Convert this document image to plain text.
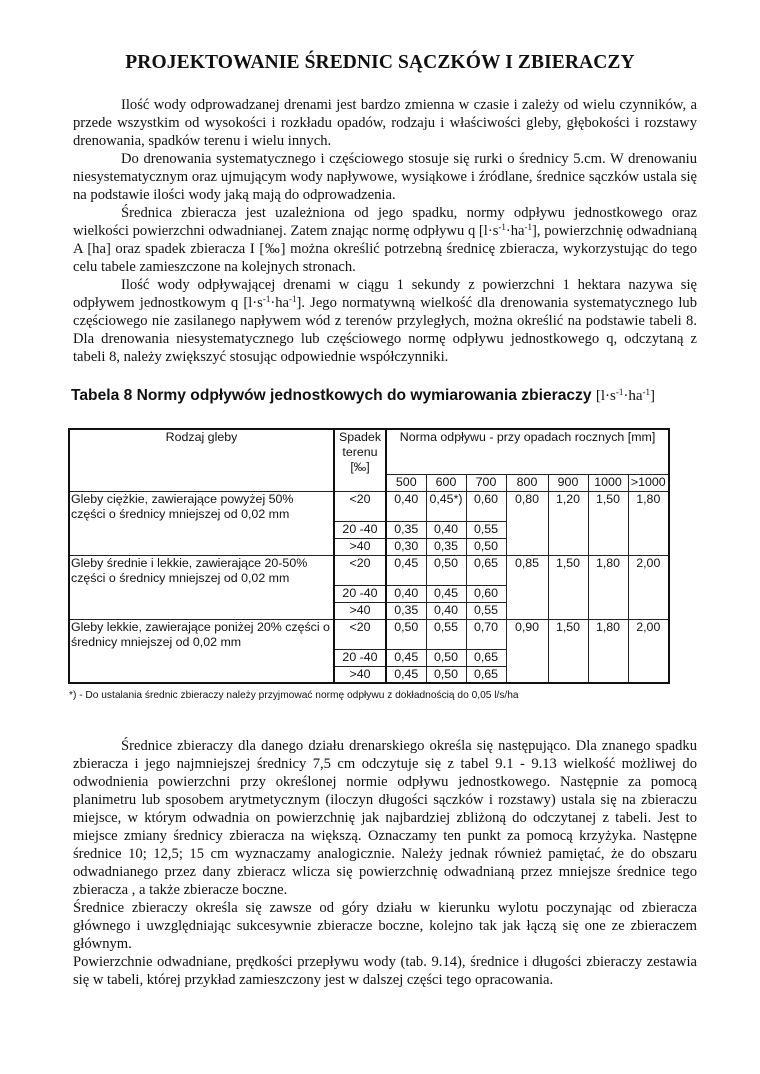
PROJEKTOWANIE ŚREDNIC SĄCZKÓW I ZBIERACZY

Ilość wody odprowadzanej drenami jest bardzo zmienna w czasie i zależy od wielu czynników, a przede wszystkim od wysokości i rozkładu opadów, rodzaju i właściwości gleby, głębokości i rozstawy drenowania, spadków terenu i wielu innych.

Do drenowania systematycznego i częściowego stosuje się rurki o średnicy 5.cm. W drenowaniu niesystematycznym oraz ujmującym wody napływowe, wysiąkowe i źródlane, średnice sączków ustala się na podstawie ilości wody jaką mają do odprowadzenia.

Średnica zbieracza jest uzależniona od jego spadku, normy odpływu jednostkowego oraz wielkości powierzchni odwadnianej. Zatem znając normę odpływu q $[l\cdot s^{-1}\cdot ha^{-1}]$, powierzchnię odwadnianą A [ha] oraz spadek zbieracza I [‰] można określić potrzebną średnicę zbieracza, wykorzystując do tego celu tabele zamieszczone na kolejnych stronach.

Ilość wody odpływającej drenami w ciągu 1 sekundy z powierzchni 1 hektara nazywa się odpływem jednostkowym q $[l\cdot s^{-1}\cdot ha^{-1}]$. Jego normatywną wielkość dla drenowania systematycznego lub częściowego nie zasilanego napływem wód z terenów przyległych, można określić na podstawie tabeli 8. Dla drenowania niesystematycznego lub częściowego normę odpływu jednostkowego q, odczytaną z tabeli 8, należy zwiększyć stosując odpowiednie współczynniki.

Tabela 8 Normy odpływów jednostkowych do wymiarowania zbieraczy $[l\cdot s^{-1}\cdot ha^{-1}]$
Rodzaj gleby	Spadek terenu [‰]	Norma odpływu - przy opadach rocznych [mm]						
		500	600	700	800	900	1000	>1000
Gleby ciężkie, zawierające powyżej 50% części o średnicy mniejszej od 0,02 mm	<20	0,40	0,45*)	0,60	0,80	1,20	1,50	1,80
	20 -40	0,35	0,40	0,55				
	>40	0,30	0,35	0,50				
Gleby średnie i lekkie, zawierające 20-50% części o średnicy mniejszej od 0,02 mm	<20	0,45	0,50	0,65	0,85	1,50	1,80	2,00
	20 -40	0,40	0,45	0,60				
	>40	0,35	0,40	0,55				
Gleby lekkie, zawierające poniżej 20% części o średnicy mniejszej od 0,02 mm	<20	0,50	0,55	0,70	0,90	1,50	1,80	2,00
	20 -40	0,45	0,50	0,65				
	>40	0,45	0,50	0,65				
*) - Do ustalania średnic zbieraczy należy przyjmować normę odpływu z dokładnością do 0,05 l/s/ha

Średnice zbieraczy dla danego działu drenarskiego określa się następująco. Dla znanego spadku zbieracza i jego najmniejszej średnicy 7,5 cm odczytuje się z tabel 9.1 - 9.13 wielkość możliwej do odwodnienia powierzchni przy określonej normie odpływu jednostkowego. Następnie za pomocą planimetru lub sposobem arytmetycznym (iloczyn długości sączków i rozstawy) ustala się na zbieraczu miejsce, w którym odwadnia on powierzchnię jak najbardziej zbliżoną do odczytanej z tabeli. Jest to miejsce zmiany średnicy zbieracza na większą. Oznaczamy ten punkt za pomocą krzyżyka. Następne średnice 10; 12,5; 15 cm wyznaczamy analogicznie. Należy jednak również pamiętać, że do obszaru odwadnianego przez dany zbieracz wlicza się powierzchnię odwadnianą przez mniejsze średnice tego zbieracza , a także zbieracze boczne.

Średnice zbieraczy określa się zawsze od góry działu w kierunku wylotu poczynając od zbieracza głównego i uwzględniając sukcesywnie zbieracze boczne, kolejno tak jak łączą się one ze zbieraczem głównym.

Powierzchnie odwadniane, prędkości przepływu wody (tab. 9.14), średnice i długości zbieraczy zestawia się w tabeli, której przykład zamieszczony jest w dalszej części tego opracowania.
